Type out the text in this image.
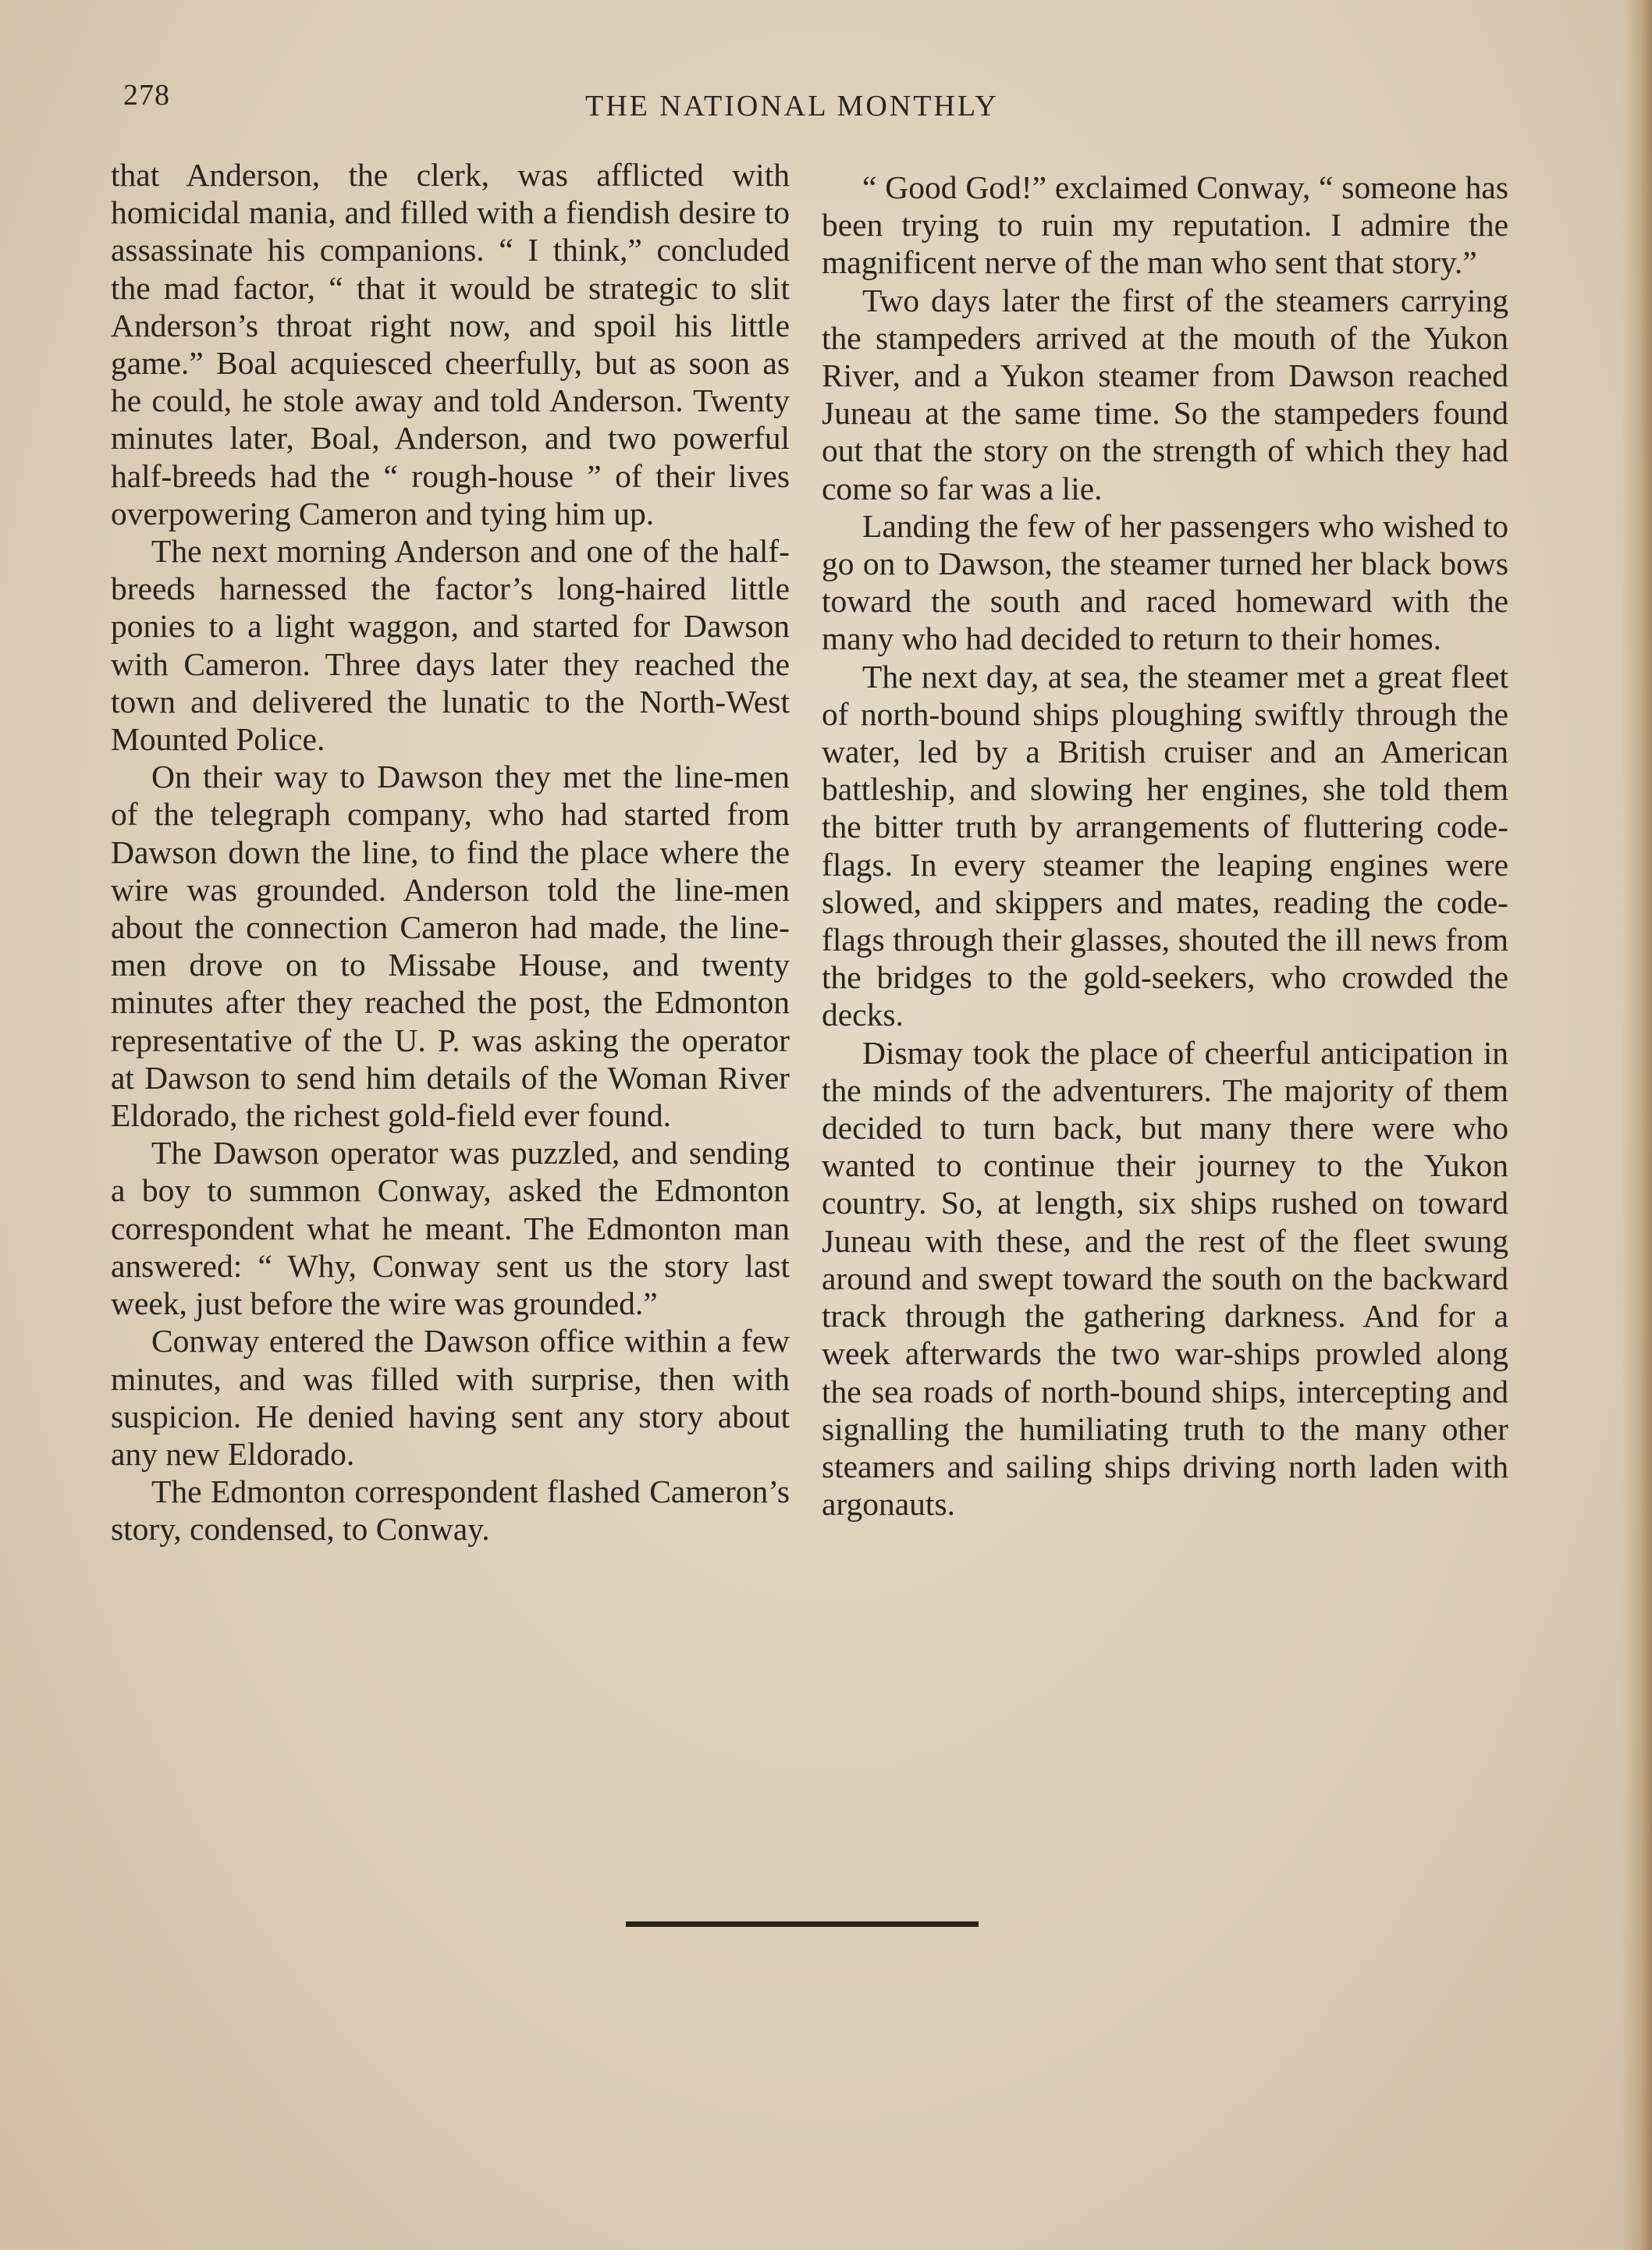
278	THE NATIONAL MONTHLY

that Anderson, the clerk, was afflicted with homicidal mania, and filled with a fiendish desire to assassinate his companions. “ I think,” concluded the mad factor, “ that it would be strategic to slit Anderson’s throat right now, and spoil his little game.” Boal acquiesced cheerfully, but as soon as he could, he stole away and told Anderson. Twenty minutes later, Boal, Anderson, and two powerful half-breeds had the “ rough-house ” of their lives overpowering Cameron and tying him up.

The next morning Anderson and one of the half-breeds harnessed the factor’s long-haired little ponies to a light waggon, and started for Dawson with Cameron. Three days later they reached the town and delivered the lunatic to the North-West Mounted Police.

On their way to Dawson they met the line-men of the telegraph company, who had started from Dawson down the line, to find the place where the wire was grounded. Anderson told the line-men about the connection Cameron had made, the line-men drove on to Missabe House, and twenty minutes after they reached the post, the Edmonton representative of the U. P. was asking the operator at Dawson to send him details of the Woman River Eldorado, the richest gold-field ever found.

The Dawson operator was puzzled, and sending a boy to summon Conway, asked the Edmonton correspondent what he meant. The Edmonton man answered: “ Why, Conway sent us the story last week, just before the wire was grounded.”

Conway entered the Dawson office within a few minutes, and was filled with surprise, then with suspicion. He denied having sent any story about any new Eldorado.

The Edmonton correspondent flashed Cameron’s story, condensed, to Conway.

“ Good God!” exclaimed Conway, “ someone has been trying to ruin my reputation. I admire the magnificent nerve of the man who sent that story.”

Two days later the first of the steamers carrying the stampeders arrived at the mouth of the Yukon River, and a Yukon steamer from Dawson reached Juneau at the same time. So the stampeders found out that the story on the strength of which they had come so far was a lie.

Landing the few of her passengers who wished to go on to Dawson, the steamer turned her black bows toward the south and raced homeward with the many who had decided to return to their homes.

The next day, at sea, the steamer met a great fleet of north-bound ships ploughing swiftly through the water, led by a British cruiser and an American battleship, and slowing her engines, she told them the bitter truth by arrangements of fluttering code-flags. In every steamer the leaping engines were slowed, and skippers and mates, reading the code-flags through their glasses, shouted the ill news from the bridges to the gold-seekers, who crowded the decks.

Dismay took the place of cheerful anticipation in the minds of the adventurers. The majority of them decided to turn back, but many there were who wanted to continue their journey to the Yukon country. So, at length, six ships rushed on toward Juneau with these, and the rest of the fleet swung around and swept toward the south on the backward track through the gathering darkness. And for a week afterwards the two war-ships prowled along the sea roads of north-bound ships, intercepting and signalling the humiliating truth to the many other steamers and sailing ships driving north laden with argonauts.
